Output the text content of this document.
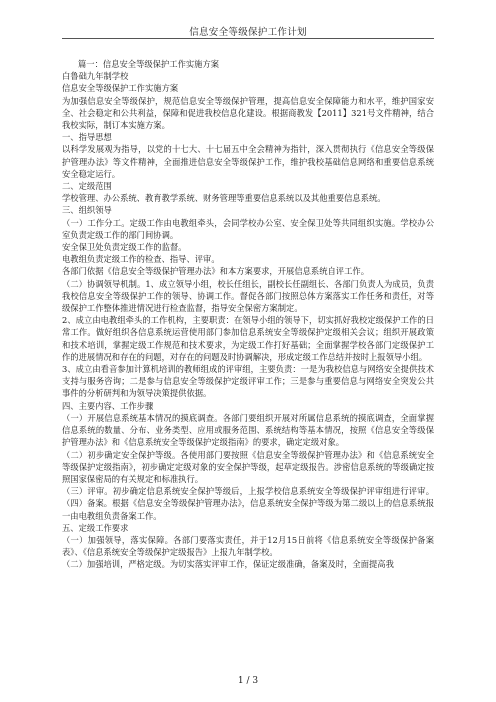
信息安全等级保护工作计划

篇一：信息安全等级保护工作实施方案

白鲁础九年制学校

信息安全等级保护工作实施方案

为加强信息安全等级保护，规范信息安全等级保护管理，提高信息安全保障能力和水平，维护国家安全、社会稳定和公共利益，保障和促进我校信息化建设。根据商教发【2011】321号文件精神，结合我校实际，制订本实施方案。

一、指导思想

以科学发展观为指导，以党的十七大、十七届五中全会精神为指针，深入贯彻执行《信息安全等级保护管理办法》等文件精神，全面推进信息安全等级保护工作，维护我校基础信息网络和重要信息系统安全稳定运行。

二、定级范围

学校管理、办公系统、教育教学系统、财务管理等重要信息系统以及其他重要信息系统。

三、组织领导

（一）工作分工。定级工作由电教组牵头，会同学校办公室、安全保卫处等共同组织实施。学校办公室负责定级工作的部门间协调。

安全保卫处负责定级工作的监督。

电教组负责定级工作的检查、指导、评审。

各部门依据《信息安全等级保护管理办法》和本方案要求，开展信息系统自评工作。

（二）协调领导机制。1、成立领导小组，校长任组长，副校长任副组长、各部门负责人为成员，负责我校信息安全等级保护工作的领导、协调工作。督促各部门按照总体方案落实工作任务和责任，对等级保护工作整体推进情况进行检查监督，指导安全保密方案制定。

2、成立由电教组牵头的工作机构，主要职责：在领导小组的领导下，切实抓好我校定级保护工作的日常工作。做好组织各信息系统运营使用部门参加信息系统安全等级保护定级相关会议；组织开展政策和技术培训，掌握定级工作规范和技术要求，为定级工作打好基础；全面掌握学校各部门定级保护工作的进展情况和存在的问题，对存在的问题及时协调解决，形成定级工作总结并按时上报领导小组。

3、成立由看音参加计算机培训的教师组成的评审组，主要负责：一是为我校信息与网络安全提供技术支持与服务咨询；二是参与信息安全等级保护定级评审工作；三是参与重要信息与网络安全突发公共事件的分析研判和为领导决策提供依据。

四、主要内容、工作步骤

（一）开展信息系统基本情况的摸底调查。各部门要组织开展对所属信息系统的摸底调查，全面掌握信息系统的数量、分布、业务类型、应用或服务范围、系统结构等基本情况，按照《信息安全等级保护管理办法》和《信息系统安全等级保护定级指南》的要求，确定定级对象。

（二）初步确定安全保护等级。各使用部门要按照《信息安全等级保护管理办法》和《信息系统安全等级保护定级指南》，初步确定定级对象的安全保护等级，起草定级报告。涉密信息系统的等级确定按照国家保密局的有关规定和标准执行。

（三）评审。初步确定信息系统安全保护等级后，上报学校信息系统安全等级保护评审组进行评审。（四）备案。根据《信息安全等级保护管理办法》，信息系统安全保护等级为第二级以上的信息系统报一由电教组负责备案工作。

五、定级工作要求

（一）加强领导，落实保障。各部门要落实责任，并于12月15日前将《信息系统安全等级保护备案表》、《信息系统安全等级保护定级报告》上报九年制学校。

（二）加强培训，严格定级。为切实落实评审工作，保证定级准确，备案及时，全面提高我

1 / 3
